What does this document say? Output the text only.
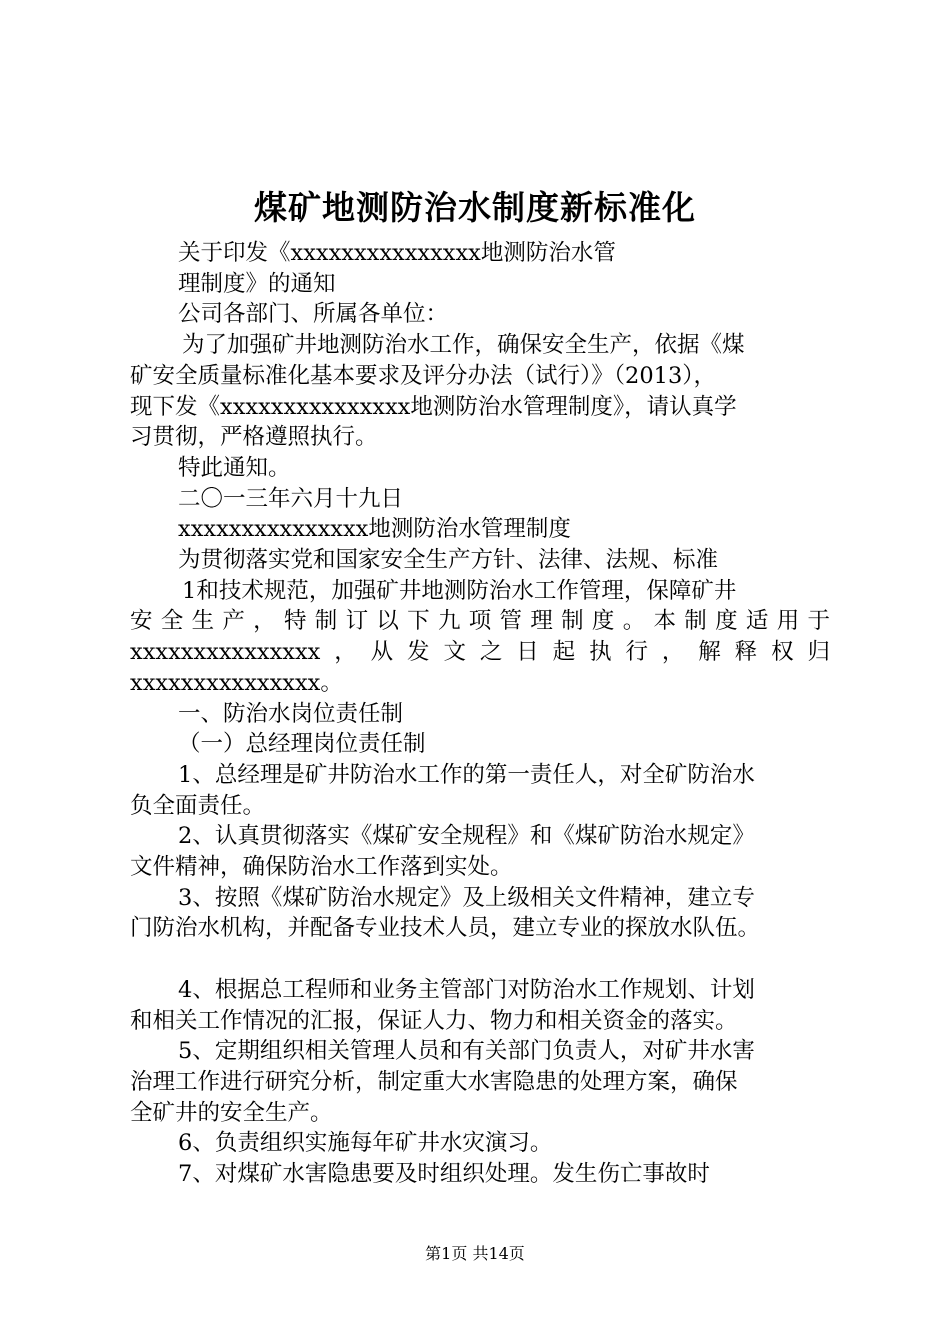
煤矿地测防治水制度新标准化

关于印发《xxxxxxxxxxxxxxx地测防治水管

理制度》的通知

公司各部门、所属各单位：

为了加强矿井地测防治水工作，确保安全生产，依据《煤

矿安全质量标准化基本要求及评分办法（试行）》（2013），

现下发《xxxxxxxxxxxxxxx地测防治水管理制度》，请认真学

习贯彻，严格遵照执行。

特此通知。

二〇一三年六月十九日

xxxxxxxxxxxxxxx地测防治水管理制度

为贯彻落实党和国家安全生产方针、法律、法规、标准

1和技术规范，加强矿井地测防治水工作管理，保障矿井

安全生产，特制订以下九项管理制度。本制度适用于

xxxxxxxxxxxxxxx，从发文之日起执行，解释权归

xxxxxxxxxxxxxxx。

一、防治水岗位责任制

（一）总经理岗位责任制

1、总经理是矿井防治水工作的第一责任人，对全矿防治水

负全面责任。

2、认真贯彻落实《煤矿安全规程》和《煤矿防治水规定》

文件精神，确保防治水工作落到实处。

3、按照《煤矿防治水规定》及上级相关文件精神，建立专

门防治水机构，并配备专业技术人员，建立专业的探放水队伍。

4、根据总工程师和业务主管部门对防治水工作规划、计划

和相关工作情况的汇报，保证人力、物力和相关资金的落实。

5、定期组织相关管理人员和有关部门负责人，对矿井水害

治理工作进行研究分析，制定重大水害隐患的处理方案，确保

全矿井的安全生产。

6、负责组织实施每年矿井水灾演习。

7、对煤矿水害隐患要及时组织处理。发生伤亡事故时

第1页 共14页
